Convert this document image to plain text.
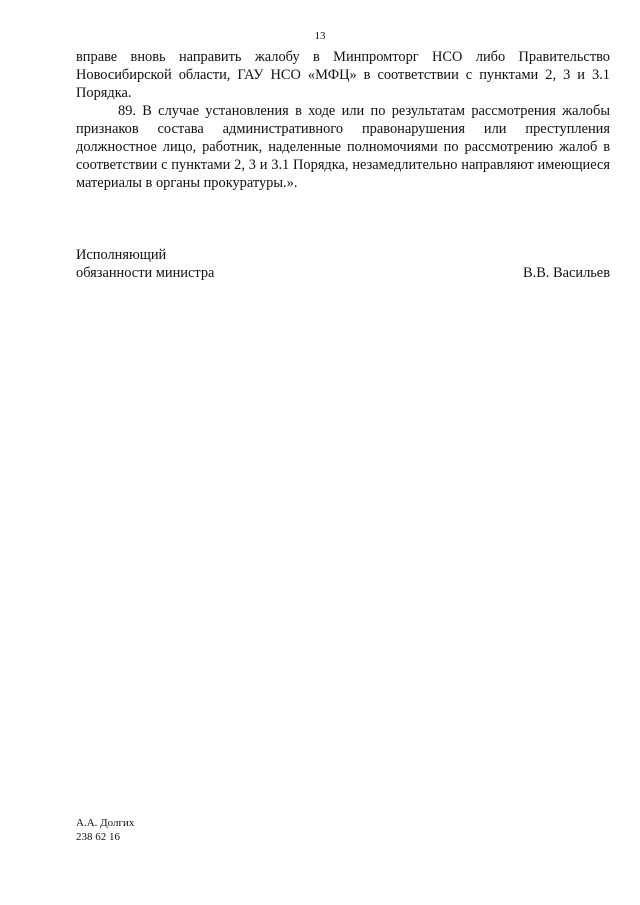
13

вправе вновь направить жалобу в Минпромторг НСО либо Правительство Новосибирской области, ГАУ НСО «МФЦ» в соответствии с пунктами 2, 3 и 3.1 Порядка.

89. В случае установления в ходе или по результатам рассмотрения жалобы признаков состава административного правонарушения или преступления должностное лицо, работник, наделенные полномочиями по рассмотрению жалоб в соответствии с пунктами 2, 3 и 3.1 Порядка, незамедлительно направляют имеющиеся материалы в органы прокуратуры.».

Исполняющий
обязанности министра	В.В. Васильев
А.А. Долгих
238 62 16
